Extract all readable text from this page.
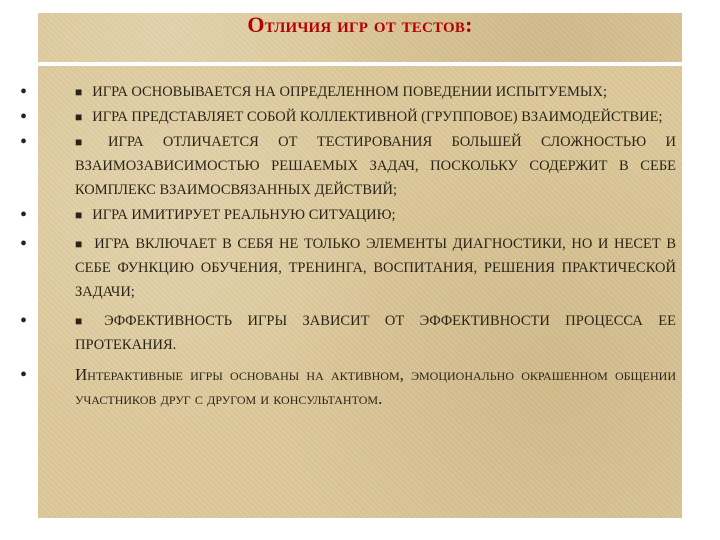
Отличия игр от тестов:
•	■ ИГРА ОСНОВЫВАЕТСЯ НА ОПРЕДЕЛЕННОМ ПОВЕДЕНИИ ИСПЫТУЕМЫХ;
•	■ ИГРА ПРЕДСТАВЛЯЕТ СОБОЙ КОЛЛЕКТИВНОЙ (ГРУППОВОЕ) ВЗАИМОДЕЙСТВИЕ;
•	■ ИГРА ОТЛИЧАЕТСЯ ОТ ТЕСТИРОВАНИЯ БОЛЬШЕЙ СЛОЖНОСТЬЮ И ВЗАИМОЗАВИСИМОСТЬЮ РЕШАЕМЫХ ЗАДАЧ, ПОСКОЛЬКУ СОДЕРЖИТ В СЕБЕ КОМПЛЕКС ВЗАИМОСВЯЗАННЫХ ДЕЙСТВИЙ;
•	■ ИГРА ИМИТИРУЕТ РЕАЛЬНУЮ СИТУАЦИЮ;
•	■ ИГРА ВКЛЮЧАЕТ В СЕБЯ НЕ ТОЛЬКО ЭЛЕМЕНТЫ ДИАГНОСТИКИ, НО И НЕСЕТ В СЕБЕ ФУНКЦИЮ ОБУЧЕНИЯ, ТРЕНИНГА, ВОСПИТАНИЯ, РЕШЕНИЯ ПРАКТИЧЕСКОЙ ЗАДАЧИ;
•	■ ЭФФЕКТИВНОСТЬ ИГРЫ ЗАВИСИТ ОТ ЭФФЕКТИВНОСТИ ПРОЦЕССА ЕЕ ПРОТЕКАНИЯ.
•	Интерактивные игры основаны на активном, эмоционально окрашенном общении участников друг с другом и консультантом.
